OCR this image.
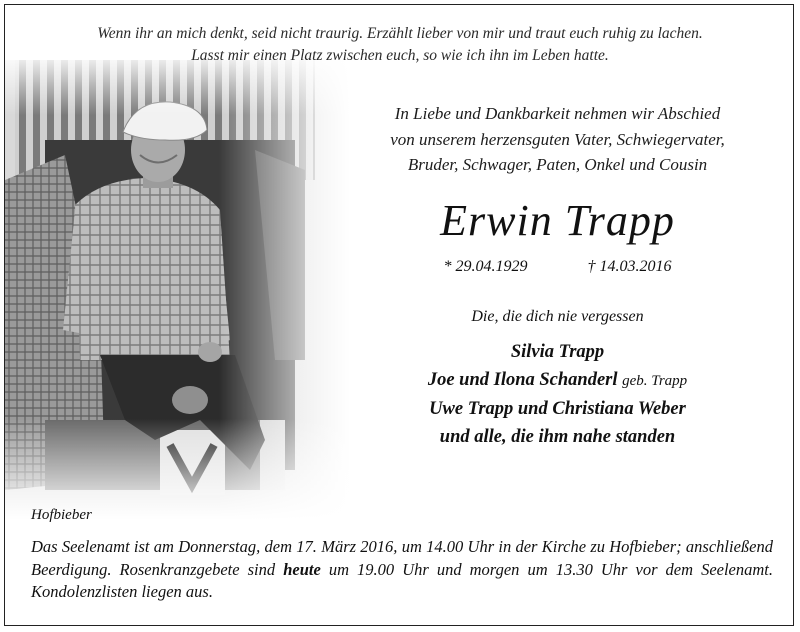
Wenn ihr an mich denkt, seid nicht traurig. Erzählt lieber von mir und traut euch ruhig zu lachen.
Lasst mir einen Platz zwischen euch, so wie ich ihn im Leben hatte.
In Liebe und Dankbarkeit nehmen wir Abschied
von unserem herzensguten Vater, Schwiegervater,
Bruder, Schwager, Paten, Onkel und Cousin
Erwin Trapp
* 29.04.1929	† 14.03.2016
Die, die dich nie vergessen
Silvia Trapp
Joe und Ilona Schanderl geb. Trapp
Uwe Trapp und Christiana Weber
und alle, die ihm nahe standen
Hofbieber
Das Seelenamt ist am Donnerstag, dem 17. März 2016, um 14.00 Uhr in der Kirche zu Hofbieber; anschließend Beerdigung. Rosenkranzgebete sind heute um 19.00 Uhr und morgen um 13.30 Uhr vor dem Seelenamt. Kondolenzlisten liegen aus.
